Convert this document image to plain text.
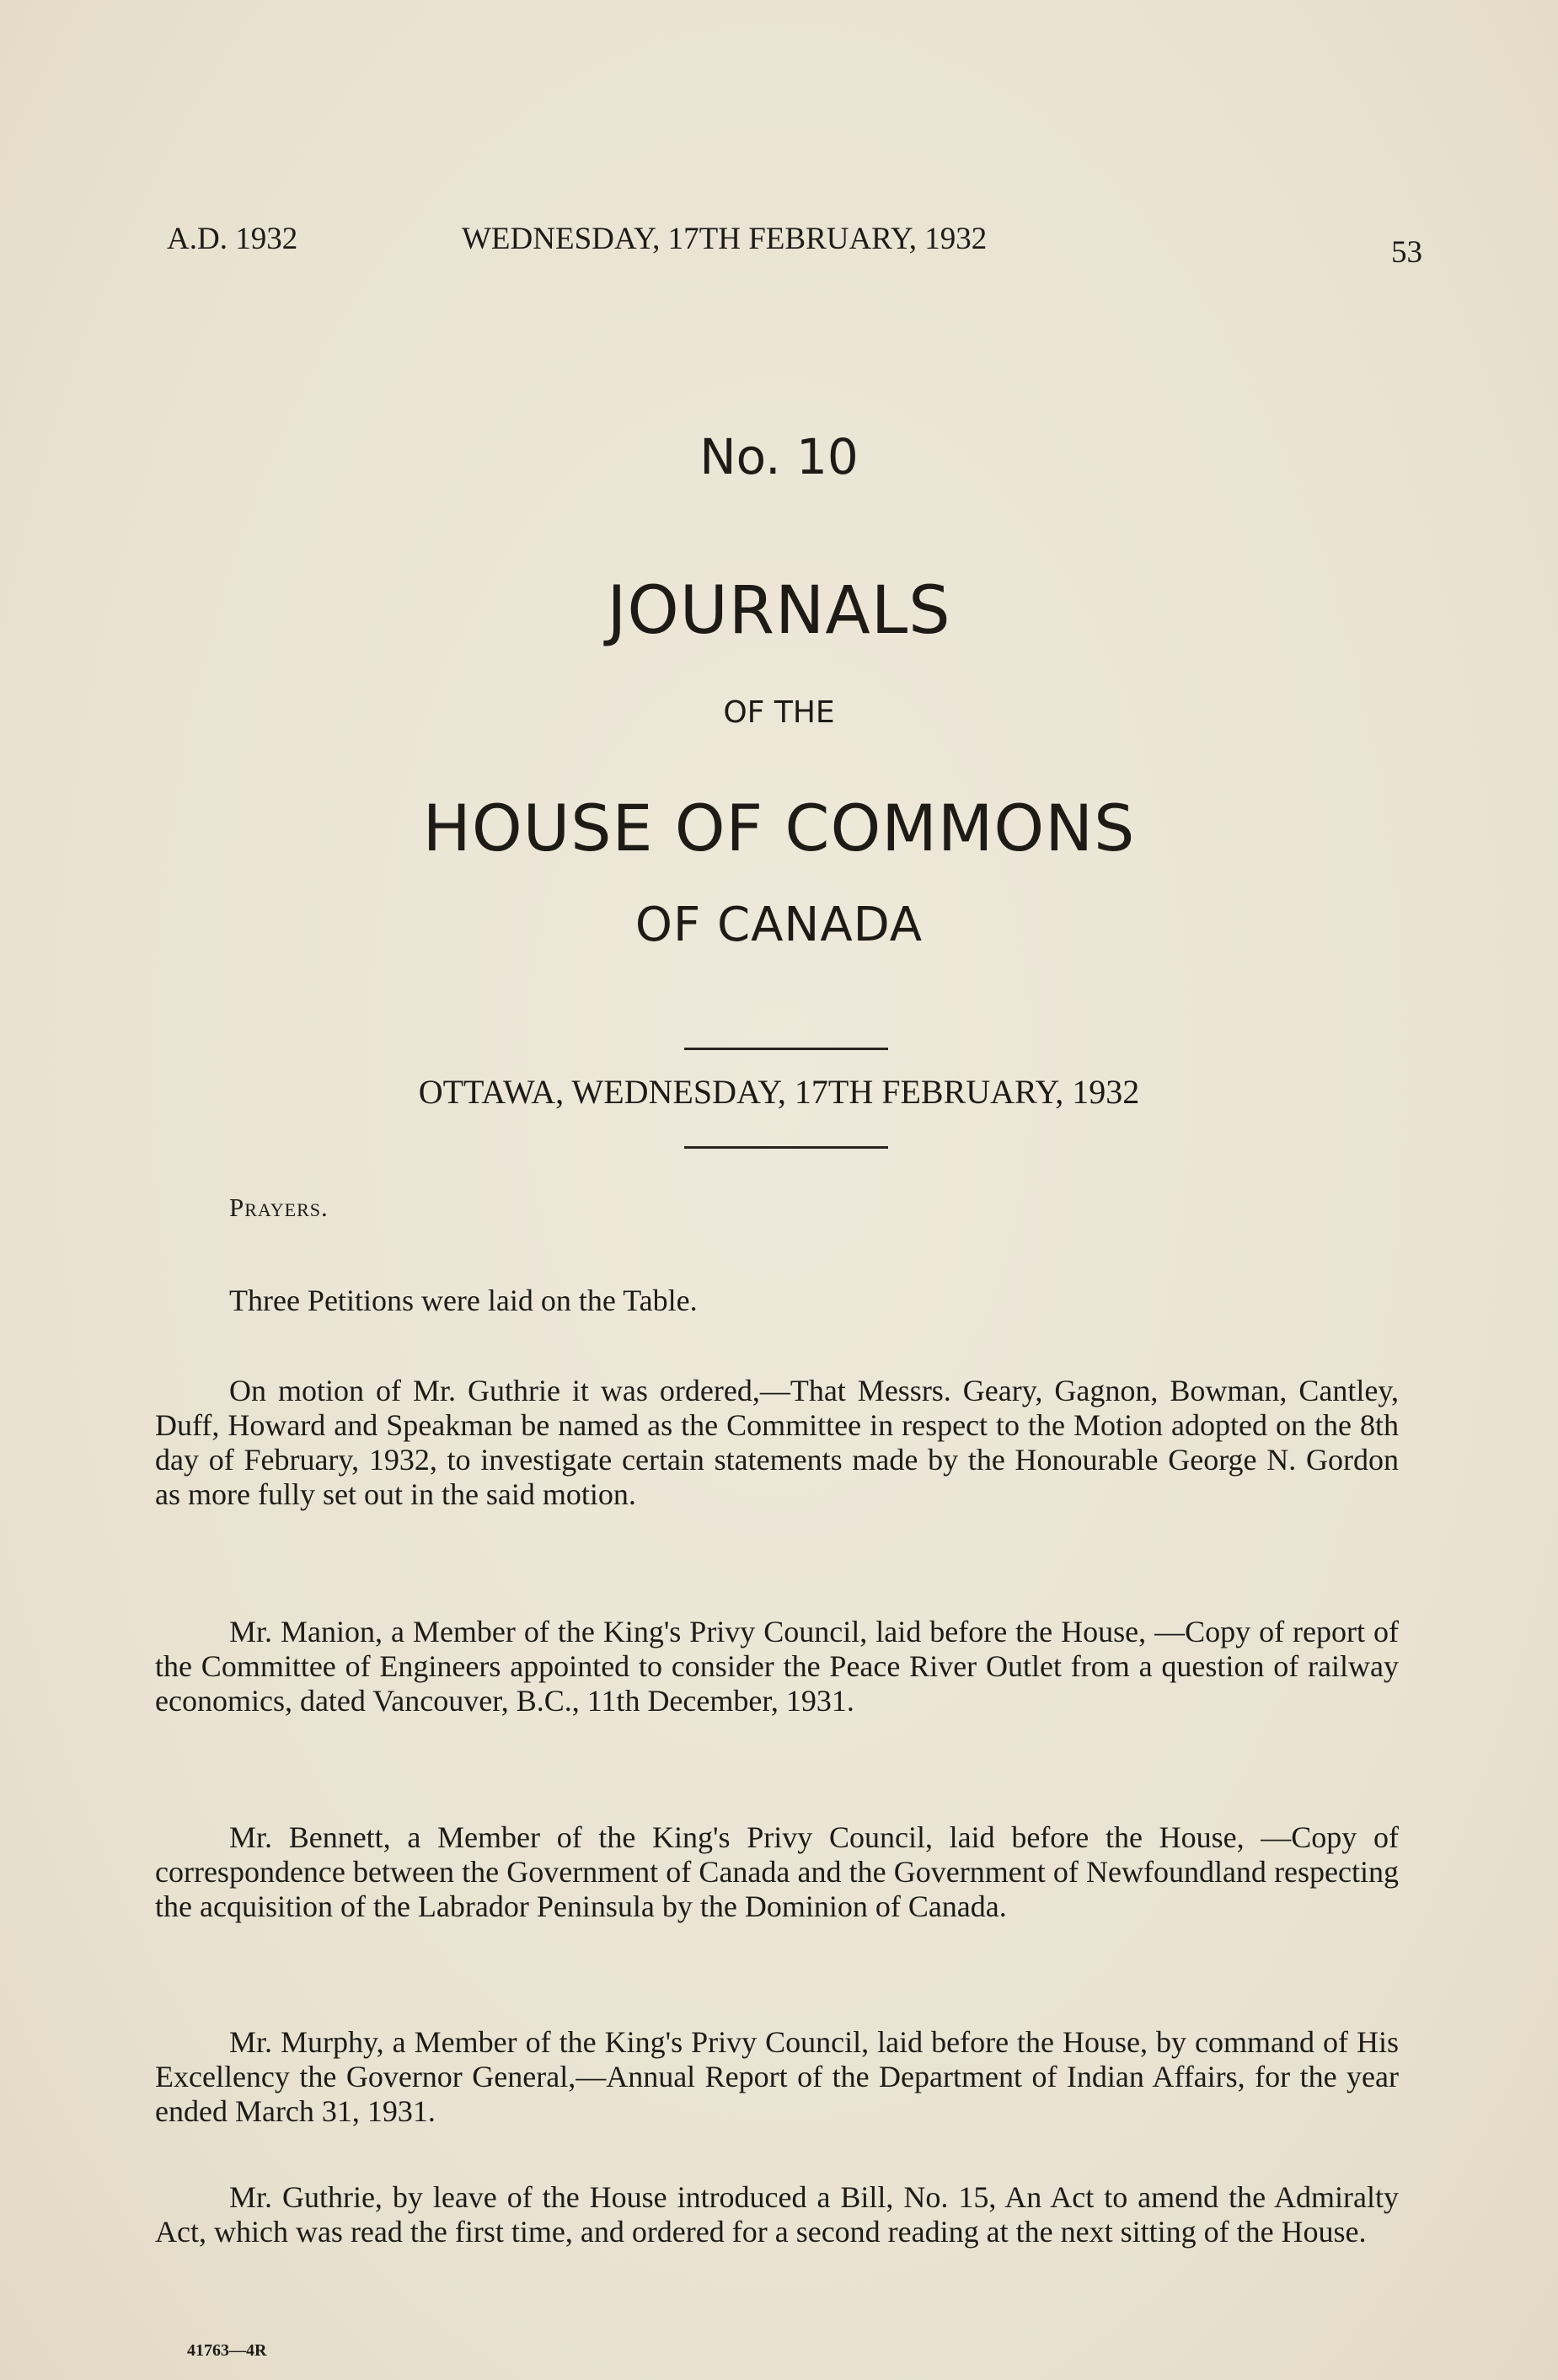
A.D. 1932	WEDNESDAY, 17TH FEBRUARY, 1932	53
No. 10
JOURNALS
OF THE
HOUSE OF COMMONS
OF CANADA
OTTAWA, WEDNESDAY, 17TH FEBRUARY, 1932
Prayers.
Three Petitions were laid on the Table.
On motion of Mr. Guthrie it was ordered,—That Messrs. Geary, Gagnon, Bowman, Cantley, Duff, Howard and Speakman be named as the Committee in respect to the Motion adopted on the 8th day of February, 1932, to investigate certain statements made by the Honourable George N. Gordon as more fully set out in the said motion.
Mr. Manion, a Member of the King's Privy Council, laid before the House, —Copy of report of the Committee of Engineers appointed to consider the Peace River Outlet from a question of railway economics, dated Vancouver, B.C., 11th December, 1931.
Mr. Bennett, a Member of the King's Privy Council, laid before the House, —Copy of correspondence between the Government of Canada and the Government of Newfoundland respecting the acquisition of the Labrador Peninsula by the Dominion of Canada.
Mr. Murphy, a Member of the King's Privy Council, laid before the House, by command of His Excellency the Governor General,—Annual Report of the Department of Indian Affairs, for the year ended March 31, 1931.
Mr. Guthrie, by leave of the House introduced a Bill, No. 15, An Act to amend the Admiralty Act, which was read the first time, and ordered for a second reading at the next sitting of the House.
41763—4R
